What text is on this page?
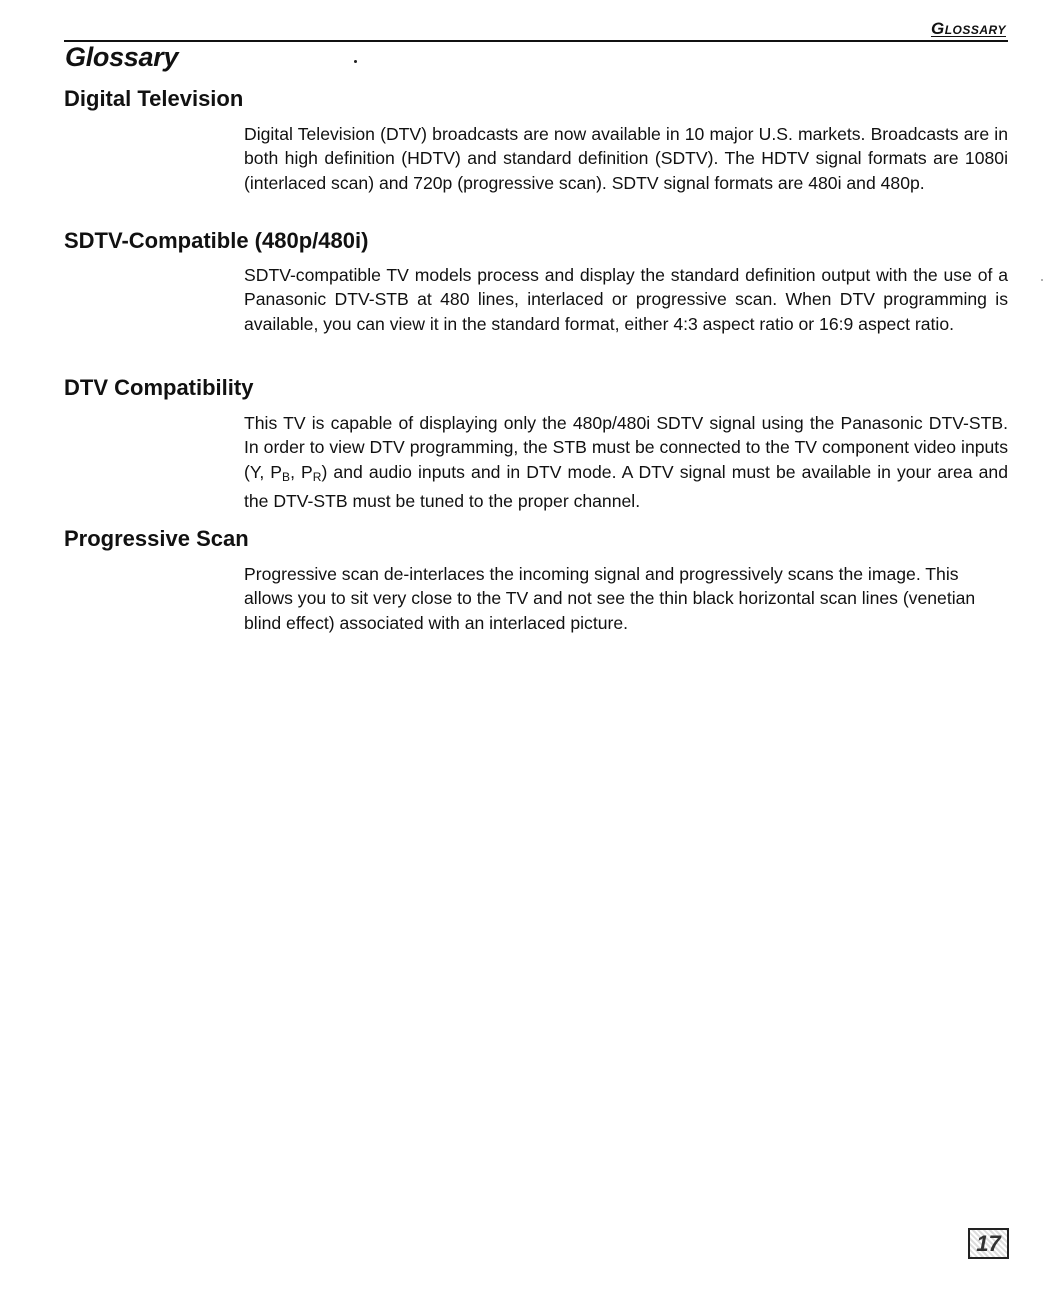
Glossary
Glossary
Digital Television

Digital Television (DTV) broadcasts are now available in 10 major U.S. markets. Broadcasts are in both high definition (HDTV) and standard definition (SDTV). The HDTV signal formats are 1080i (interlaced scan) and 720p (progressive scan). SDTV signal formats are 480i and 480p.

SDTV-Compatible (480p/480i)

SDTV-compatible TV models process and display the standard definition output with the use of a Panasonic DTV-STB at 480 lines, interlaced or progressive scan. When DTV programming is available, you can view it in the standard format, either 4:3 aspect ratio or 16:9 aspect ratio.

DTV Compatibility

This TV is capable of displaying only the 480p/480i SDTV signal using the Panasonic DTV-STB. In order to view DTV programming, the STB must be connected to the TV component video inputs (Y, $P_B$, $P_R$) and audio inputs and in DTV mode. A DTV signal must be available in your area and the DTV-STB must be tuned to the proper channel.

Progressive Scan

Progressive scan de-interlaces the incoming signal and progressively scans the image. This allows you to sit very close to the TV and not see the thin black horizontal scan lines (venetian blind effect) associated with an interlaced picture.

17
